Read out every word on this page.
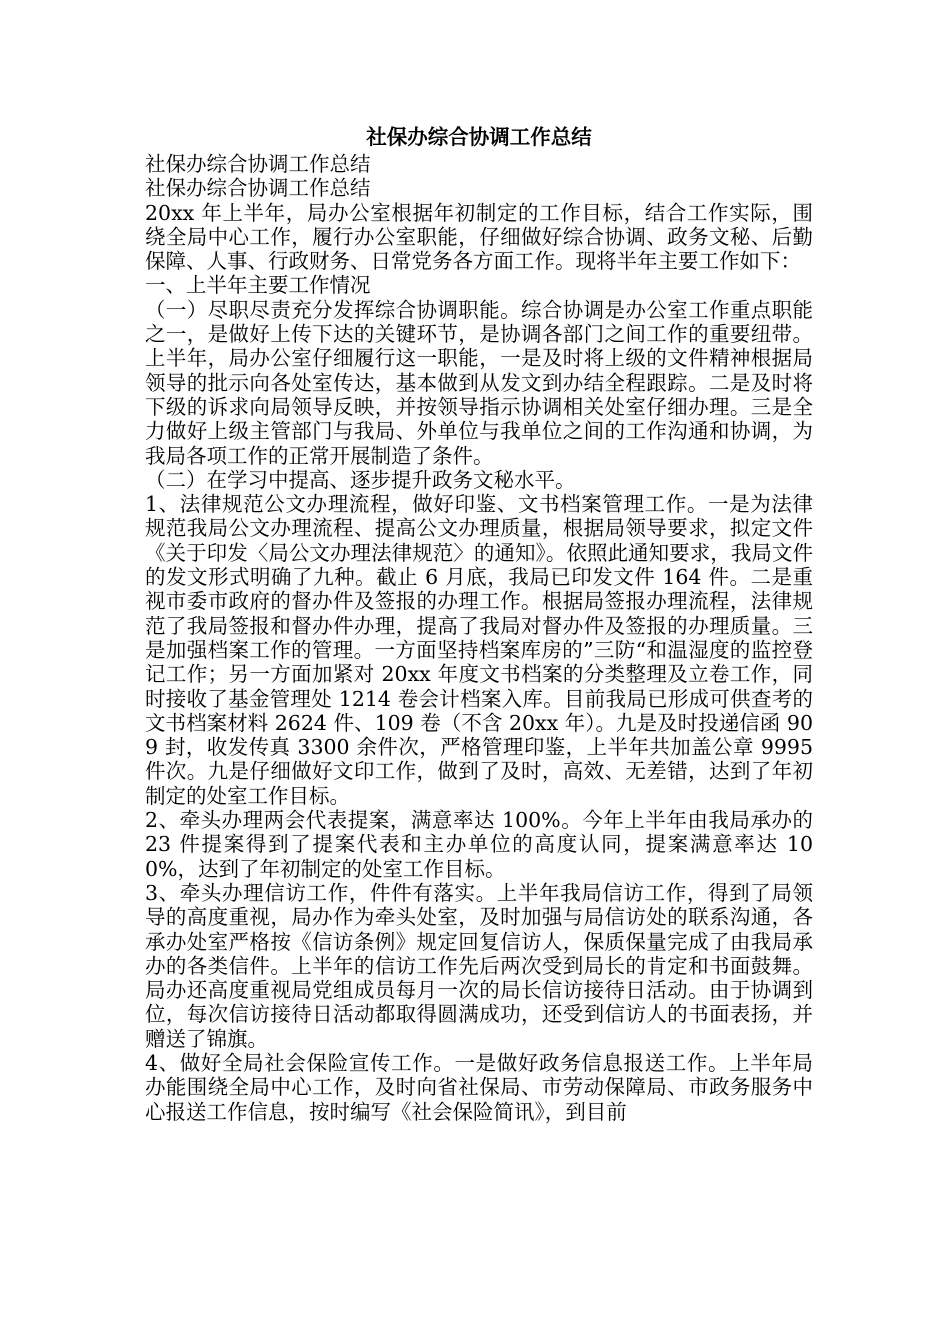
社保办综合协调工作总结

社保办综合协调工作总结

社保办综合协调工作总结

20xx 年上半年，局办公室根据年初制定的工作目标，结合工作实际，围绕全局中心工作，履行办公室职能，仔细做好综合协调、政务文秘、后勤保障、人事、行政财务、日常党务各方面工作。现将半年主要工作如下：

一、上半年主要工作情况

（一）尽职尽责充分发挥综合协调职能。综合协调是办公室工作重点职能之一，是做好上传下达的关键环节，是协调各部门之间工作的重要纽带。上半年，局办公室仔细履行这一职能，一是及时将上级的文件精神根据局领导的批示向各处室传达，基本做到从发文到办结全程跟踪。二是及时将下级的诉求向局领导反映，并按领导指示协调相关处室仔细办理。三是全力做好上级主管部门与我局、外单位与我单位之间的工作沟通和协调，为我局各项工作的正常开展制造了条件。

（二）在学习中提高、逐步提升政务文秘水平。

1、法律规范公文办理流程，做好印鉴、文书档案管理工作。一是为法律规范我局公文办理流程、提高公文办理质量，根据局领导要求，拟定文件《关于印发〈局公文办理法律规范〉的通知》。依照此通知要求，我局文件的发文形式明确了九种。截止 6 月底，我局已印发文件 164 件。二是重视市委市政府的督办件及签报的办理工作。根据局签报办理流程，法律规范了我局签报和督办件办理，提高了我局对督办件及签报的办理质量。三是加强档案工作的管理。一方面坚持档案库房的”三防“和温湿度的监控登记工作；另一方面加紧对 20xx 年度文书档案的分类整理及立卷工作，同时接收了基金管理处 1214 卷会计档案入库。目前我局已形成可供查考的文书档案材料 2624 件、109 卷（不含 20xx 年）。九是及时投递信函 909 封，收发传真 3300 余件次，严格管理印鉴，上半年共加盖公章 9995 件次。九是仔细做好文印工作，做到了及时，高效、无差错，达到了年初制定的处室工作目标。

2、牵头办理两会代表提案，满意率达 100%。今年上半年由我局承办的 23 件提案得到了提案代表和主办单位的高度认同，提案满意率达 100%，达到了年初制定的处室工作目标。

3、牵头办理信访工作，件件有落实。上半年我局信访工作，得到了局领导的高度重视，局办作为牵头处室，及时加强与局信访处的联系沟通，各承办处室严格按《信访条例》规定回复信访人，保质保量完成了由我局承办的各类信件。上半年的信访工作先后两次受到局长的肯定和书面鼓舞。局办还高度重视局党组成员每月一次的局长信访接待日活动。由于协调到位，每次信访接待日活动都取得圆满成功，还受到信访人的书面表扬，并赠送了锦旗。

4、做好全局社会保险宣传工作。一是做好政务信息报送工作。上半年局办能围绕全局中心工作，及时向省社保局、市劳动保障局、市政务服务中心报送工作信息，按时编写《社会保险简讯》，到目前
